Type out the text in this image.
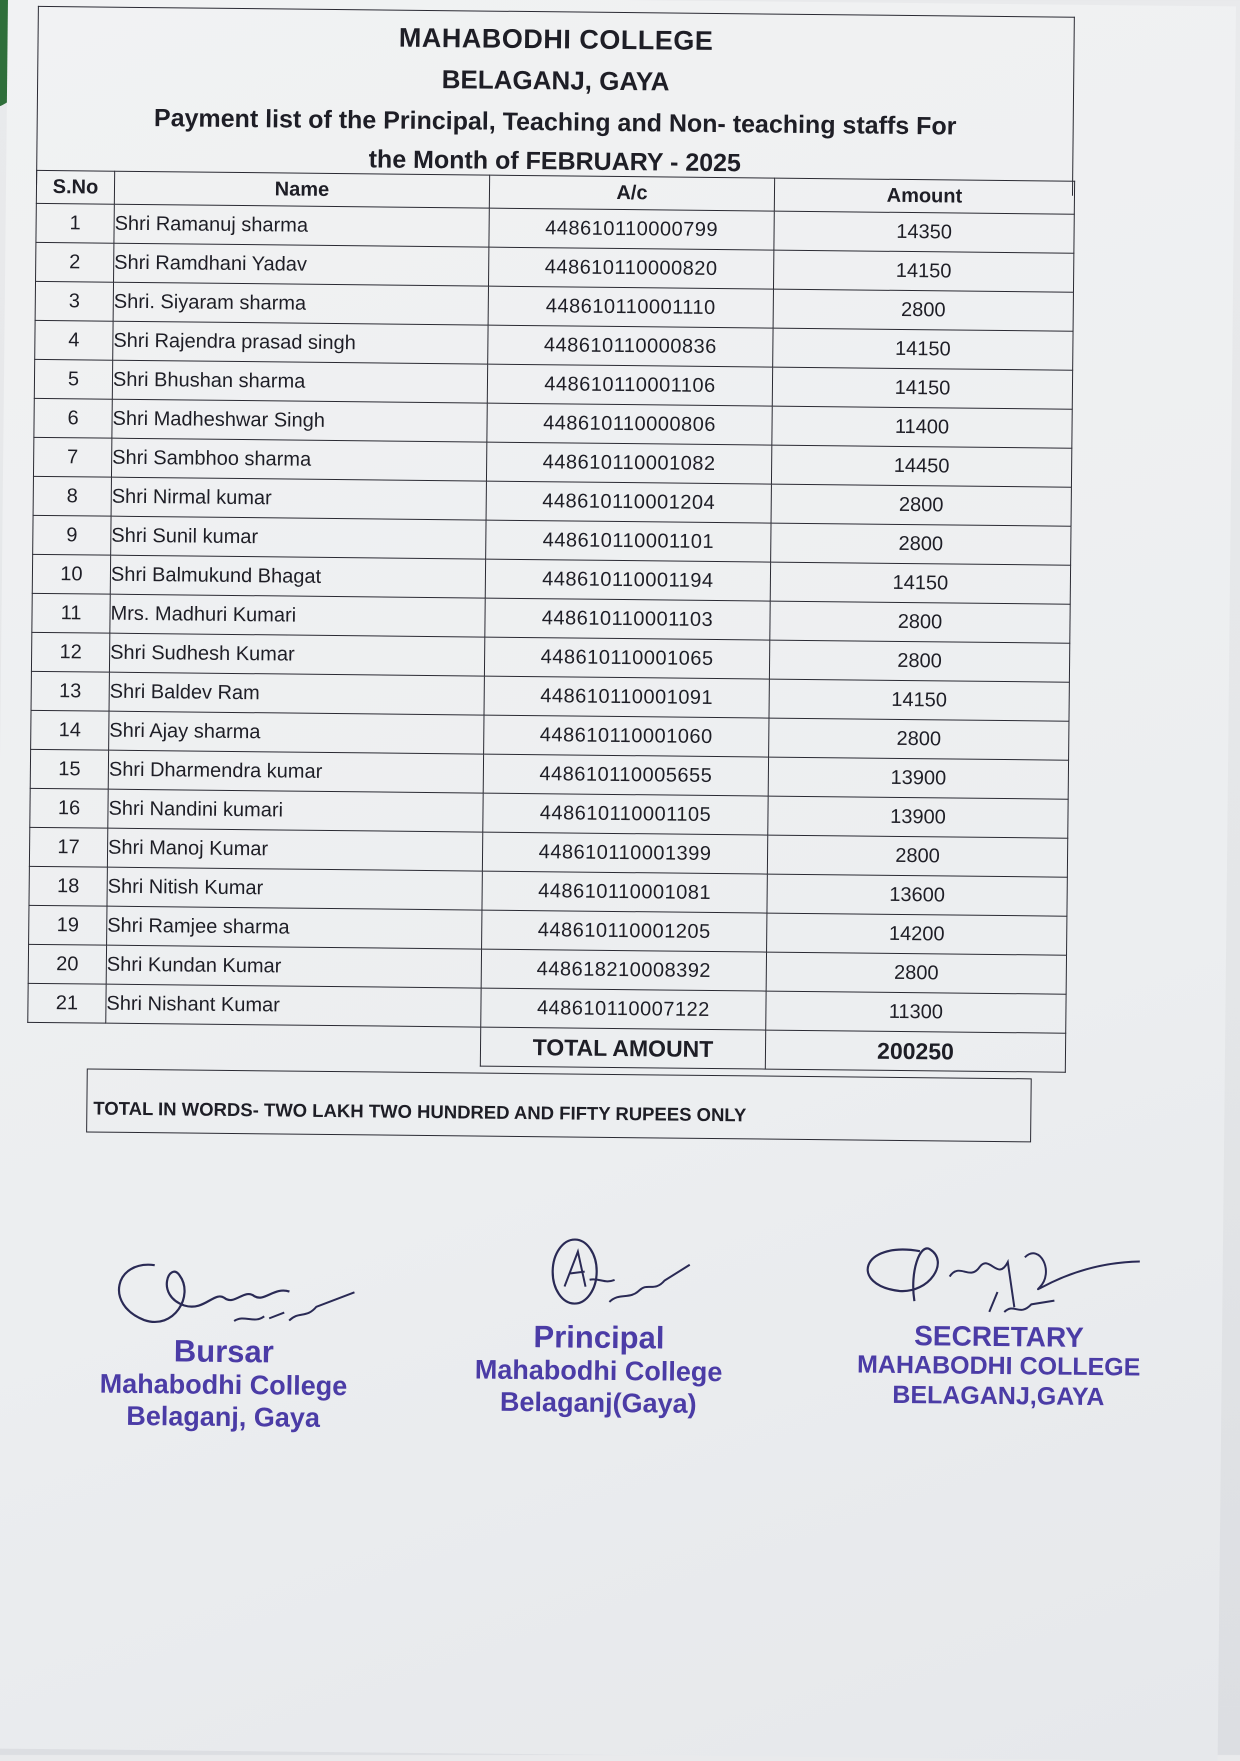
MAHABODHI COLLEGE
BELAGANJ, GAYA
Payment list of the Principal, Teaching and Non- teaching staffs For
the Month of FEBRUARY - 2025
S.No	Name	A/c	Amount
1	Shri Ramanuj sharma	448610110000799	14350
2	Shri Ramdhani Yadav	448610110000820	14150
3	Shri. Siyaram sharma	448610110001110	2800
4	Shri Rajendra prasad singh	448610110000836	14150
5	Shri Bhushan sharma	448610110001106	14150
6	Shri Madheshwar Singh	448610110000806	11400
7	Shri Sambhoo sharma	448610110001082	14450
8	Shri Nirmal kumar	448610110001204	2800
9	Shri Sunil kumar	448610110001101	2800
10	Shri Balmukund Bhagat	448610110001194	14150
11	Mrs. Madhuri Kumari	448610110001103	2800
12	Shri Sudhesh Kumar	448610110001065	2800
13	Shri Baldev Ram	448610110001091	14150
14	Shri Ajay sharma	448610110001060	2800
15	Shri Dharmendra kumar	448610110005655	13900
16	Shri Nandini kumari	448610110001105	13900
17	Shri Manoj Kumar	448610110001399	2800
18	Shri Nitish Kumar	448610110001081	13600
19	Shri Ramjee sharma	448610110001205	14200
20	Shri Kundan Kumar	448618210008392	2800
21	Shri Nishant Kumar	448610110007122	11300
		TOTAL AMOUNT	200250
TOTAL IN WORDS- TWO LAKH TWO HUNDRED AND FIFTY RUPEES ONLY
Bursar
Mahabodhi College
Belaganj, Gaya
Principal
Mahabodhi College
Belaganj(Gaya)
SECRETARY
MAHABODHI COLLEGE
BELAGANJ,GAYA
